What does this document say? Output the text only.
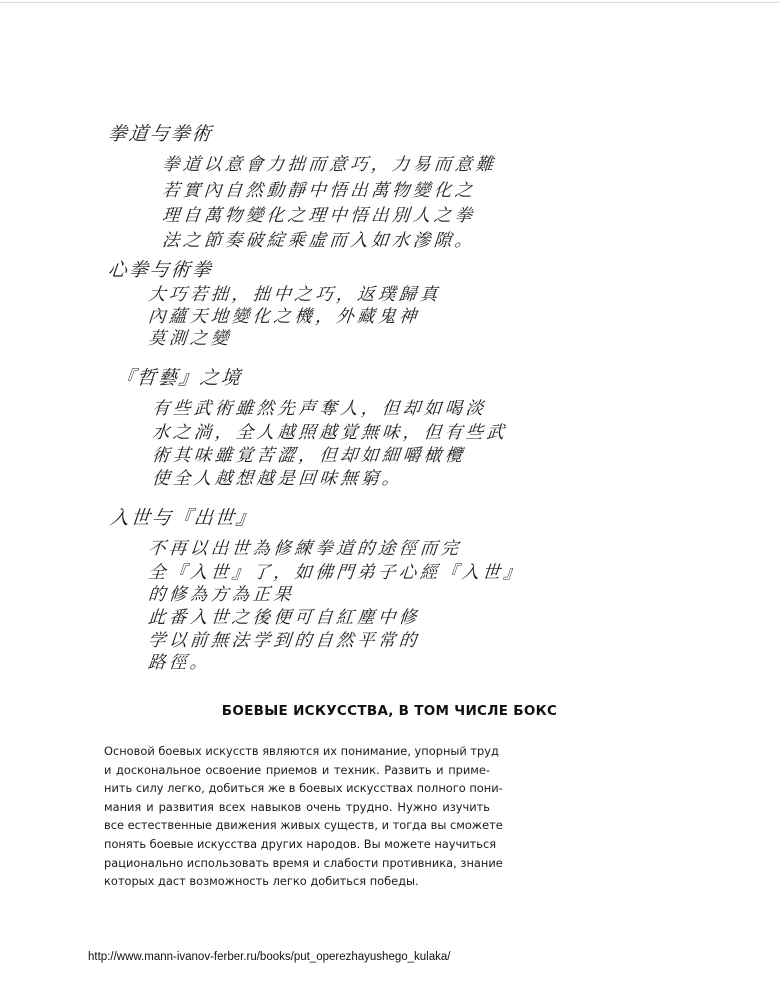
拳道与拳術
拳道以意會力拙而意巧，力易而意難
若實內自然動靜中悟出萬物變化之
理自萬物變化之理中悟出別人之拳
法之節奏破綻乘虛而入如水滲隙。
心拳与術拳
大巧若拙，拙中之巧，返璞歸真
內蘊天地變化之機，外藏鬼神
莫測之變
『哲藝』之境
有些武術雖然先声奪人，但却如喝淡
水之淌，全人越照越覚無味，但有些武
術其味雖覚苦澀，但却如細嚼橄欖
使全人越想越是回味無窮。
入世与『出世』
不再以出世為修練拳道的途徑而完
全『入世』了，如佛門弟子心經『入世』
的修為方為正果
此番入世之後便可自紅塵中修
学以前無法学到的自然平常的
路徑。
БОЕВЫЕ ИСКУССТВА, В ТОМ ЧИСЛЕ БОКС
Основой боевых искусств являются их понимание, упорный труд
и досконaльное освоение приемов и техник. Развить и приме-
нить силу легко, добиться же в боевых искусствах полного пони-
мания и развития всех навыков очень трудно. Нужно изучить
все естественные движения живых существ, и тогда вы сможете
понять боевые искусства других народов. Вы можете научиться
рационально использовать время и слабости противника, знание
которых даст возможность легко добиться победы.
http://www.mann-ivanov-ferber.ru/books/put_operezhayushego_kulaka/
